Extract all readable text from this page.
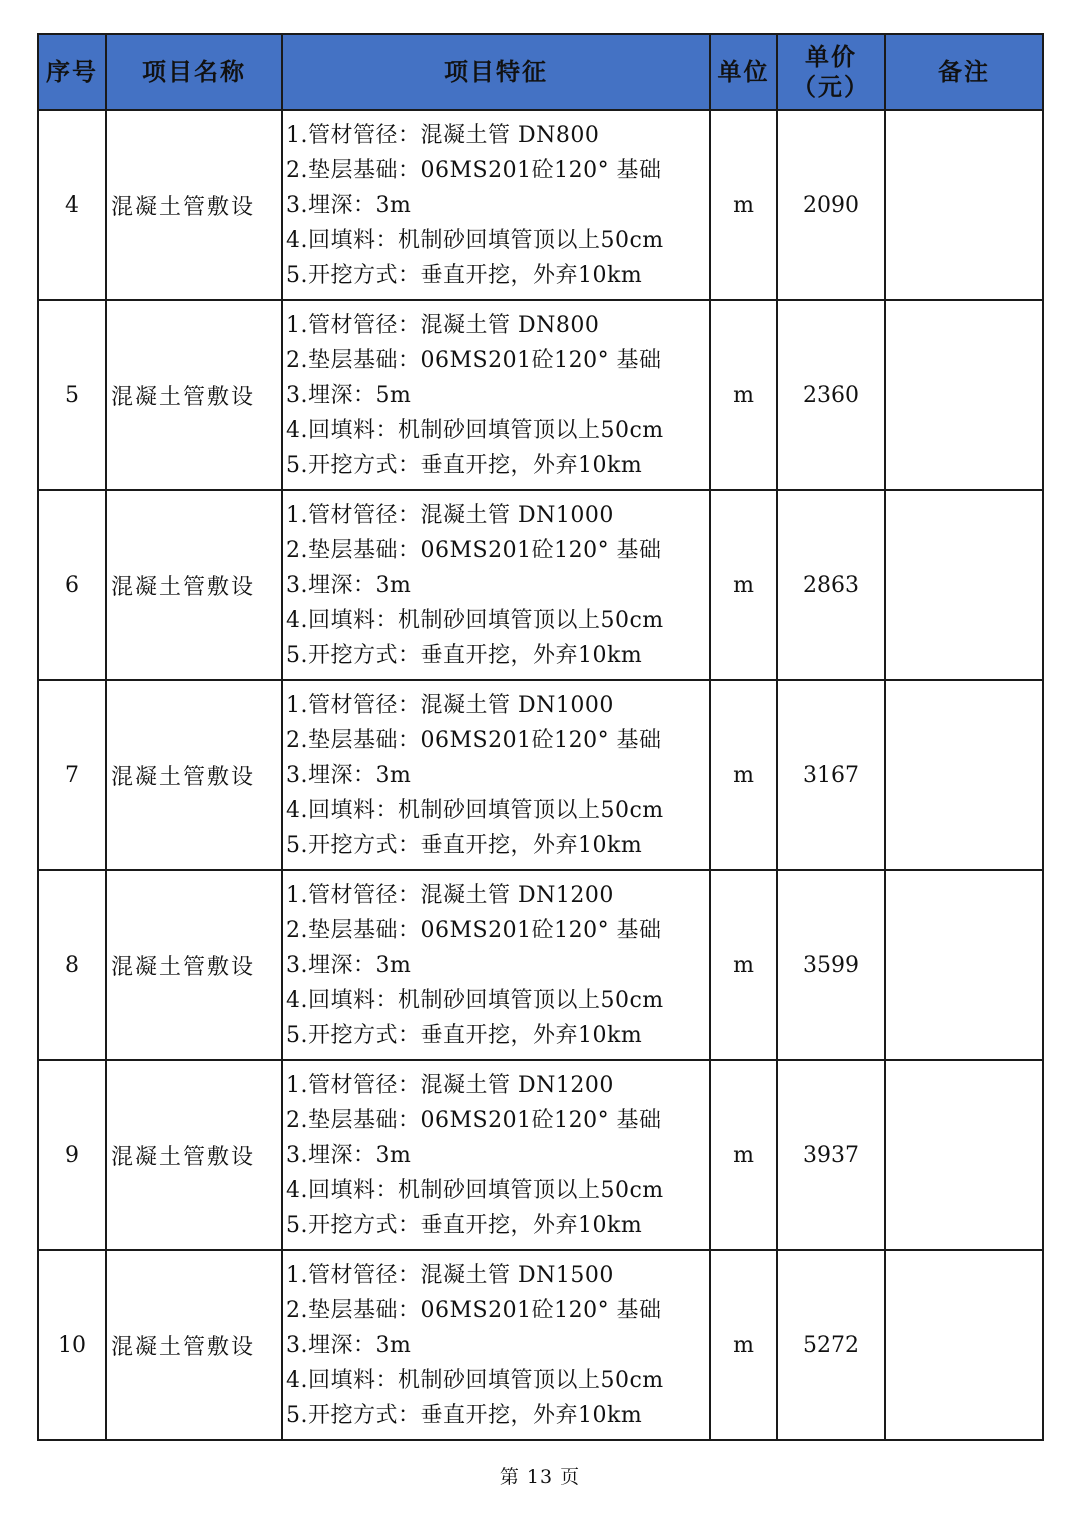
序号	项目名称	项目特征	单位	单价
（元）	备注
4	混凝土管敷设	1.管材管径：混凝土管 DN800
2.垫层基础：06MS201砼120° 基础
3.埋深：3m
4.回填料：机制砂回填管顶以上50cm
5.开挖方式：垂直开挖，外弃10km	m	2090	
5	混凝土管敷设	1.管材管径：混凝土管 DN800
2.垫层基础：06MS201砼120° 基础
3.埋深：5m
4.回填料：机制砂回填管顶以上50cm
5.开挖方式：垂直开挖，外弃10km	m	2360	
6	混凝土管敷设	1.管材管径：混凝土管 DN1000
2.垫层基础：06MS201砼120° 基础
3.埋深：3m
4.回填料：机制砂回填管顶以上50cm
5.开挖方式：垂直开挖，外弃10km	m	2863	
7	混凝土管敷设	1.管材管径：混凝土管 DN1000
2.垫层基础：06MS201砼120° 基础
3.埋深：3m
4.回填料：机制砂回填管顶以上50cm
5.开挖方式：垂直开挖，外弃10km	m	3167	
8	混凝土管敷设	1.管材管径：混凝土管 DN1200
2.垫层基础：06MS201砼120° 基础
3.埋深：3m
4.回填料：机制砂回填管顶以上50cm
5.开挖方式：垂直开挖，外弃10km	m	3599	
9	混凝土管敷设	1.管材管径：混凝土管 DN1200
2.垫层基础：06MS201砼120° 基础
3.埋深：3m
4.回填料：机制砂回填管顶以上50cm
5.开挖方式：垂直开挖，外弃10km	m	3937	
10	混凝土管敷设	1.管材管径：混凝土管 DN1500
2.垫层基础：06MS201砼120° 基础
3.埋深：3m
4.回填料：机制砂回填管顶以上50cm
5.开挖方式：垂直开挖，外弃10km	m	5272	
第 13 页
